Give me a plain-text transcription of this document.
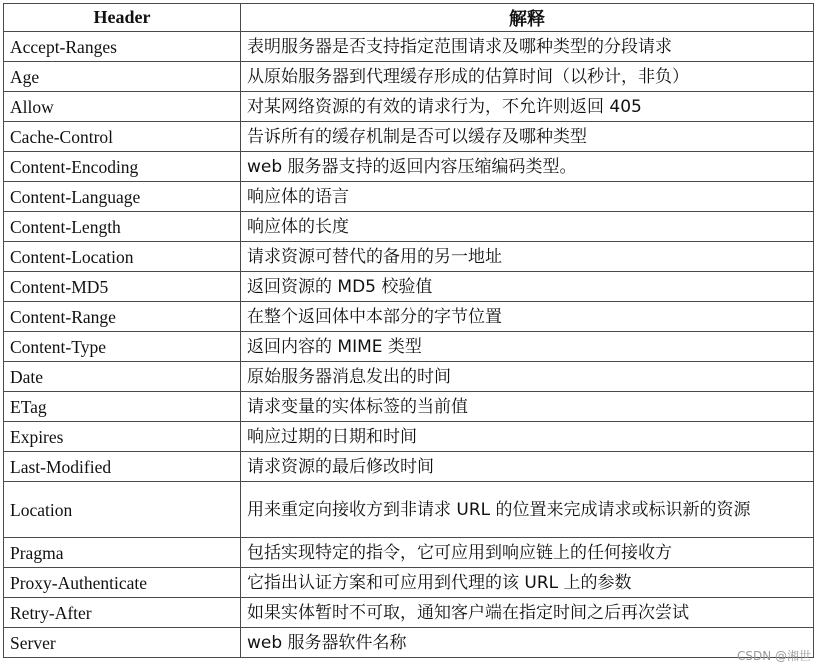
Header	解释
Accept-Ranges	表明服务器是否支持指定范围请求及哪种类型的分段请求
Age	从原始服务器到代理缓存形成的估算时间（以秒计，非负）
Allow	对某网络资源的有效的请求行为，不允许则返回 405
Cache-Control	告诉所有的缓存机制是否可以缓存及哪种类型
Content-Encoding	web 服务器支持的返回内容压缩编码类型。
Content-Language	响应体的语言
Content-Length	响应体的长度
Content-Location	请求资源可替代的备用的另一地址
Content-MD5	返回资源的 MD5 校验值
Content-Range	在整个返回体中本部分的字节位置
Content-Type	返回内容的 MIME 类型
Date	原始服务器消息发出的时间
ETag	请求变量的实体标签的当前值
Expires	响应过期的日期和时间
Last-Modified	请求资源的最后修改时间
Location	用来重定向接收方到非请求 URL 的位置来完成请求或标识新的资源
Pragma	包括实现特定的指令，它可应用到响应链上的任何接收方
Proxy-Authenticate	它指出认证方案和可应用到代理的该 URL 上的参数
Retry-After	如果实体暂时不可取，通知客户端在指定时间之后再次尝试
Server	web 服务器软件名称
CSDN @湘世
